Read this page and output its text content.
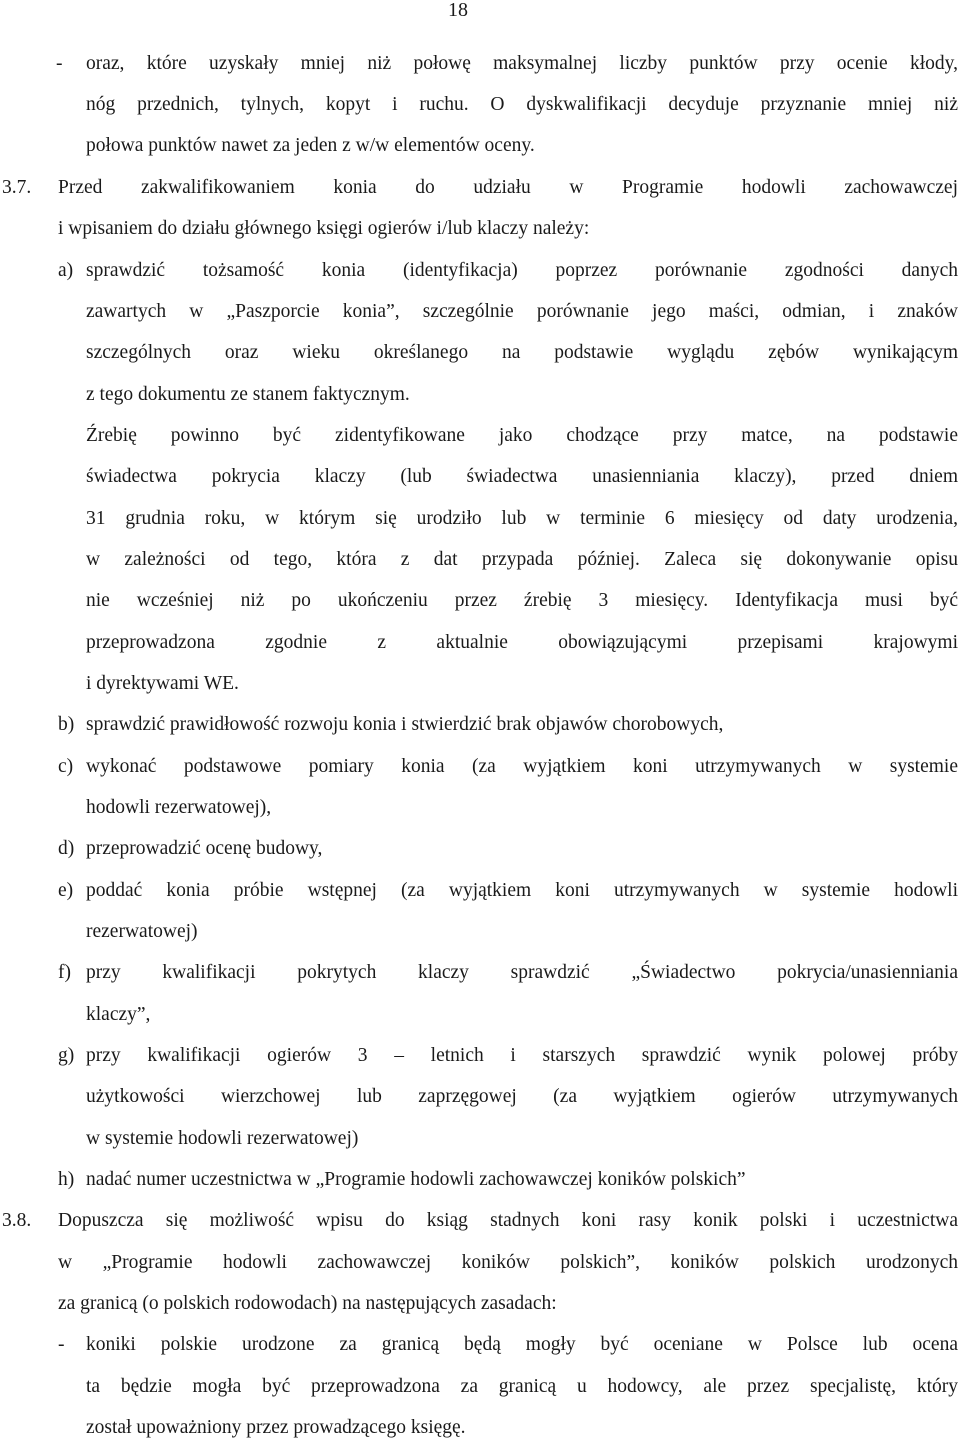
18
- oraz, które uzyskały mniej niż połowę maksymalnej liczby punktów przy ocenie kłody,
nóg przednich, tylnych, kopyt i ruchu. O dyskwalifikacji decyduje przyznanie mniej niż
połowa punktów nawet za jeden z w/w elementów oceny.
3.7. Przed zakwalifikowaniem konia do udziału w Programie hodowli zachowawczej
i wpisaniem do działu głównego księgi ogierów i/lub klaczy należy:
a) sprawdzić tożsamość konia (identyfikacja) poprzez porównanie zgodności danych
zawartych w „Paszporcie konia”, szczególnie porównanie jego maści, odmian, i znaków
szczególnych oraz wieku określanego na podstawie wyglądu zębów wynikającym
z tego dokumentu ze stanem faktycznym.
Źrebię powinno być zidentyfikowane jako chodzące przy matce, na podstawie
świadectwa pokrycia klaczy (lub świadectwa unasienniania klaczy), przed dniem
31 grudnia roku, w którym się urodziło lub w terminie 6 miesięcy od daty urodzenia,
w zależności od tego, która z dat przypada później. Zaleca się dokonywanie opisu
nie wcześniej niż po ukończeniu przez źrebię 3 miesięcy. Identyfikacja musi być
przeprowadzona zgodnie z aktualnie obowiązującymi przepisami krajowymi
i dyrektywami WE.
b) sprawdzić prawidłowość rozwoju konia i stwierdzić brak objawów chorobowych,
c) wykonać podstawowe pomiary konia (za wyjątkiem koni utrzymywanych w systemie
hodowli rezerwatowej),
d) przeprowadzić ocenę budowy,
e) poddać konia próbie wstępnej (za wyjątkiem koni utrzymywanych w systemie hodowli
rezerwatowej)
f) przy kwalifikacji pokrytych klaczy sprawdzić „Świadectwo pokrycia/unasienniania
klaczy”,
g) przy kwalifikacji ogierów 3 – letnich i starszych sprawdzić wynik polowej próby
użytkowości wierzchowej lub zaprzęgowej (za wyjątkiem ogierów utrzymywanych
w systemie hodowli rezerwatowej)
h) nadać numer uczestnictwa w „Programie hodowli zachowawczej koników polskich”
3.8. Dopuszcza się możliwość wpisu do ksiąg stadnych koni rasy konik polski i uczestnictwa
w „Programie hodowli zachowawczej koników polskich”, koników polskich urodzonych
za granicą (o polskich rodowodach) na następujących zasadach:
- koniki polskie urodzone za granicą będą mogły być oceniane w Polsce lub ocena
ta będzie mogła być przeprowadzona za granicą u hodowcy, ale przez specjalistę, który
został upoważniony przez prowadzącego księgę.
